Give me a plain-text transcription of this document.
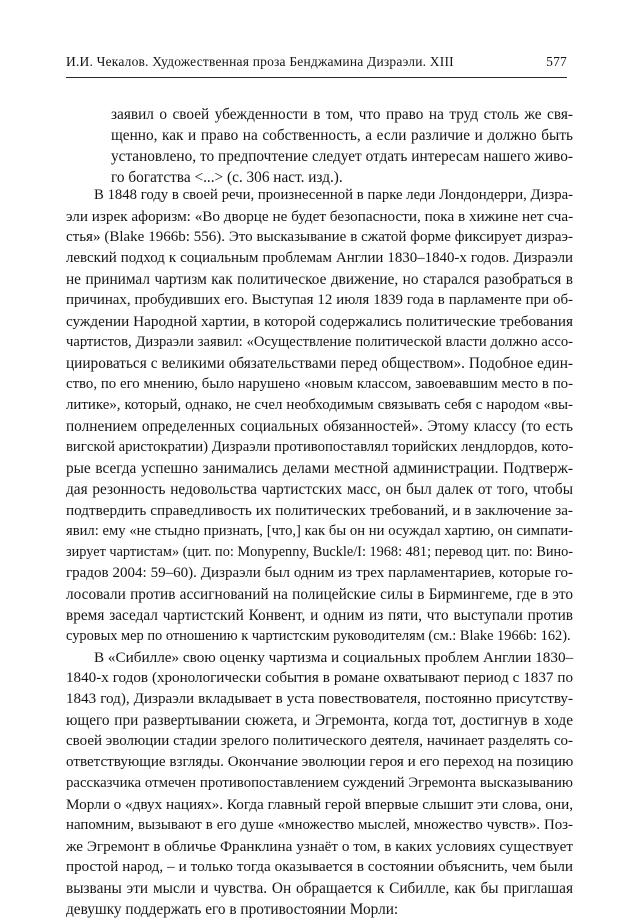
И.И. Чекалов. Художественная проза Бенджамина Дизраэли. XIII	577
заявил о своей убежденности в том, что право на труд столь же свя-
щенно, как и право на собственность, а если различие и должно быть
установлено, то предпочтение следует отдать интересам нашего живо-
го богатства <...> (с. 306 наст. изд.).
В 1848 году в своей речи, произнесенной в парке леди Лондондерри, Дизра-
эли изрек афоризм: «Во дворце не будет безопасности, пока в хижине нет сча-
стья» (Blake 1966b: 556). Это высказывание в сжатой форме фиксирует дизраэ-
левский подход к социальным проблемам Англии 1830–1840-х годов. Дизраэли
не принимал чартизм как политическое движение, но старался разобраться в
причинах, пробудивших его. Выступая 12 июля 1839 года в парламенте при об-
суждении Народной хартии, в которой содержались политические требования
чартистов, Дизраэли заявил: «Осуществление политической власти должно ассо-
циироваться с великими обязательствами перед обществом». Подобное един-
ство, по его мнению, было нарушено «новым классом, завоевавшим место в по-
литике», который, однако, не счел необходимым связывать себя с народом «вы-
полнением определенных социальных обязанностей». Этому классу (то есть
вигской аристократии) Дизраэли противопоставлял торийских лендлордов, кото-
рые всегда успешно занимались делами местной администрации. Подтверж-
дая резонность недовольства чартистских масс, он был далек от того, чтобы
подтвердить справедливость их политических требований, и в заключение за-
явил: ему «не стыдно признать, [что,] как бы он ни осуждал хартию, он симпати-
зирует чартистам» (цит. по: Monypenny, Buckle/I: 1968: 481; перевод цит. по: Вино-
градов 2004: 59–60). Дизраэли был одним из трех парламентариев, которые го-
лосовали против ассигнований на полицейские силы в Бирмингеме, где в это
время заседал чартистский Конвент, и одним из пяти, что выступали против
суровых мер по отношению к чартистским руководителям (см.: Blake 1966b: 162).
В «Сибилле» свою оценку чартизма и социальных проблем Англии 1830–
1840-х годов (хронологически события в романе охватывают период с 1837 по
1843 год), Дизраэли вкладывает в уста повествователя, постоянно присутству-
ющего при развертывании сюжета, и Эгремонта, когда тот, достигнув в ходе
своей эволюции стадии зрелого политического деятеля, начинает разделять со-
ответствующие взгляды. Окончание эволюции героя и его переход на позицию
рассказчика отмечен противопоставлением суждений Эгремонта высказыванию
Морли о «двух нациях». Когда главный герой впервые слышит эти слова, они,
напомним, вызывают в его душе «множество мыслей, множество чувств». Поз-
же Эгремонт в обличье Франклина узнаёт о том, в каких условиях существует
простой народ, – и только тогда оказывается в состоянии объяснить, чем были
вызваны эти мысли и чувства. Он обращается к Сибилле, как бы приглашая
девушку поддержать его в противостоянии Морли:
